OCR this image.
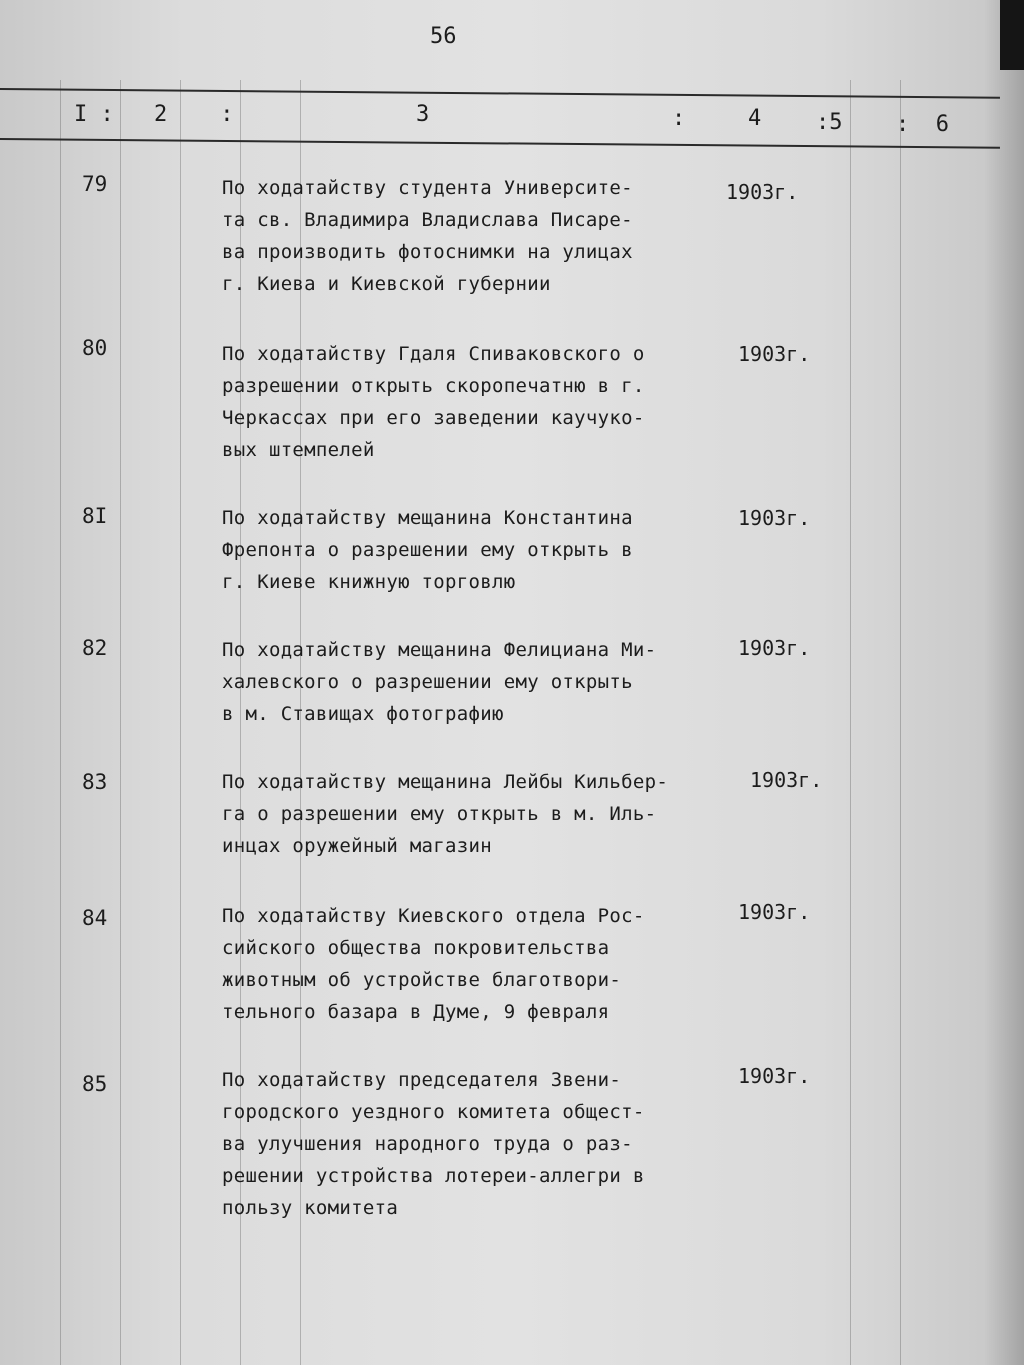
56
I : 2 :	3	:	4 :5 : 6
79	По ходатайству студента Университе-
та св. Владимира Владислава Писаре-
ва производить фотоснимки на улицах
г. Киева и Киевской губернии
1903г.
80	По ходатайству Гдаля Спиваковского о
разрешении открыть скоропечатню в г.
Черкассах при его заведении каучуко-
вых штемпелей
1903г.
8I	По ходатайству мещанина Константина
Фрепонта о разрешении ему открыть в
г. Киеве книжную торговлю
1903г.
82	По ходатайству мещанина Фелициана Ми-
халевского о разрешении ему открыть
в м. Ставищах фотографию
1903г.
83	По ходатайству мещанина Лейбы Кильбер-
га о разрешении ему открыть в м. Иль-
инцах оружейный магазин
1903г.
84	По ходатайству Киевского отдела Рос-
сийского общества покровительства
животным об устройстве благотвори-
тельного базара в Думе, 9 февраля
1903г.
85	По ходатайству председателя Звени-
городского уездного комитета общест-
ва улучшения народного труда о раз-
решении устройства лотереи-аллегри в
пользу комитета
1903г.
